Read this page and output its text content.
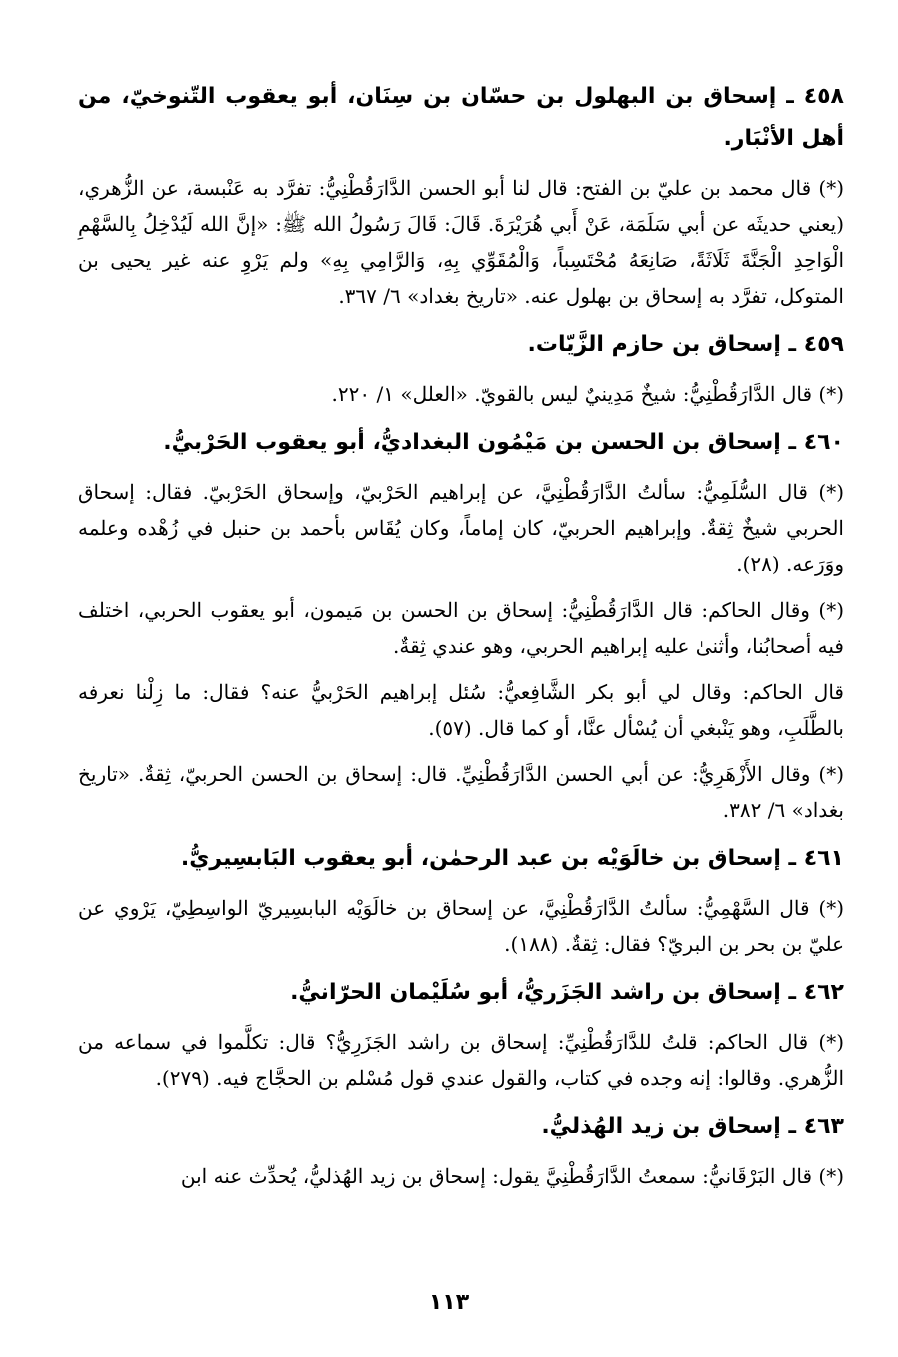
٤٥٨ ـ إسحاق بن البهلول بن حسّان بن سِنَان، أبو يعقوب التّنوخيّ، من أهل الأنْبَار.

(*) قال محمد بن عليّ بن الفتح: قال لنا أبو الحسن الدَّارَقُطْنِيُّ: تفرَّد به عَنْبسة، عن الزُّهري، (يعني حديثَه عن أبي سَلَمَة، عَنْ أَبي هُرَيْرَةَ. قَالَ: قَالَ رَسُولُ الله ﷺ: «إنَّ الله لَيُدْخِلُ بِالسَّهْمِ الْوَاحِدِ الْجَنَّةَ ثَلَاثَةً، صَانِعَهُ مُحْتَسِباً، وَالْمُقَوِّي بِهِ، وَالرَّامِي بِهِ» ولم يَرْوِ عنه غير يحيى بن المتوكل، تفرَّد به إسحاق بن بهلول عنه. «تاريخ بغداد» ٦/ ٣٦٧.

٤٥٩ ـ إسحاق بن حازم الزَّيّات.

(*) قال الدَّارَقُطْنِيُّ: شيخٌ مَدِينيٌ ليس بالقويّ. «العلل» ١/ ٢٢٠.

٤٦٠ ـ إسحاق بن الحسن بن مَيْمُون البغداديُّ، أبو يعقوب الحَرْبيُّ.

(*) قال السُّلَمِيُّ: سألتُ الدَّارَقُطْنِيَّ، عن إبراهيم الحَرْبيّ، وإسحاق الحَرْبيّ. فقال: إسحاق الحربي شيخٌ ثِقةٌ. وإبراهيم الحربيّ، كان إماماً، وكان يُقَاس بأحمد بن حنبل في زُهْده وعلمه ووَرَعه. (٢٨).

(*) وقال الحاكم: قال الدَّارَقُطْنِيُّ: إسحاق بن الحسن بن مَيمون، أبو يعقوب الحربي، اختلف فيه أصحابُنا، وأثنىٰ عليه إبراهيم الحربي، وهو عندي ثِقةٌ.

قال الحاكم: وقال لي أبو بكر الشَّافِعيُّ: سُئل إبراهيم الحَرْبيُّ عنه؟ فقال: ما زِلْنا نعرفه بالطَّلَبِ، وهو يَنْبغي أن يُسْأل عنَّا، أو كما قال. (٥٧).

(*) وقال الأَزْهَرِيُّ: عن أبي الحسن الدَّارَقُطْنِيِّ. قال: إسحاق بن الحسن الحربيّ، ثِقةٌ. «تاريخ بغداد» ٦/ ٣٨٢.

٤٦١ ـ إسحاق بن خالَوَيْه بن عبد الرحمٰن، أبو يعقوب البَابسِيريُّ.

(*) قال السَّهْمِيُّ: سألتُ الدَّارَقُطْنِيَّ، عن إسحاق بن خالَوَيْه البابسِيريّ الواسِطِيّ، يَرْوي عن عليّ بن بحر بن البريّ؟ فقال: ثِقةٌ. (١٨٨).

٤٦٢ ـ إسحاق بن راشد الجَزَريُّ، أبو سُلَيْمان الحرّانيُّ.

(*) قال الحاكم: قلتُ للدَّارَقُطْنِيِّ: إسحاق بن راشد الجَزَرِيُّ؟ قال: تكلَّموا في سماعه من الزُّهري. وقالوا: إنه وجده في كتاب، والقول عندي قول مُسْلم بن الحجَّاج فيه. (٢٧٩).

٤٦٣ ـ إسحاق بن زيد الهُذليُّ.

(*) قال البَرْقَانيُّ: سمعتُ الدَّارَقُطْنِيَّ يقول: إسحاق بن زيد الهُذليُّ، يُحدِّث عنه ابن

١١٣
